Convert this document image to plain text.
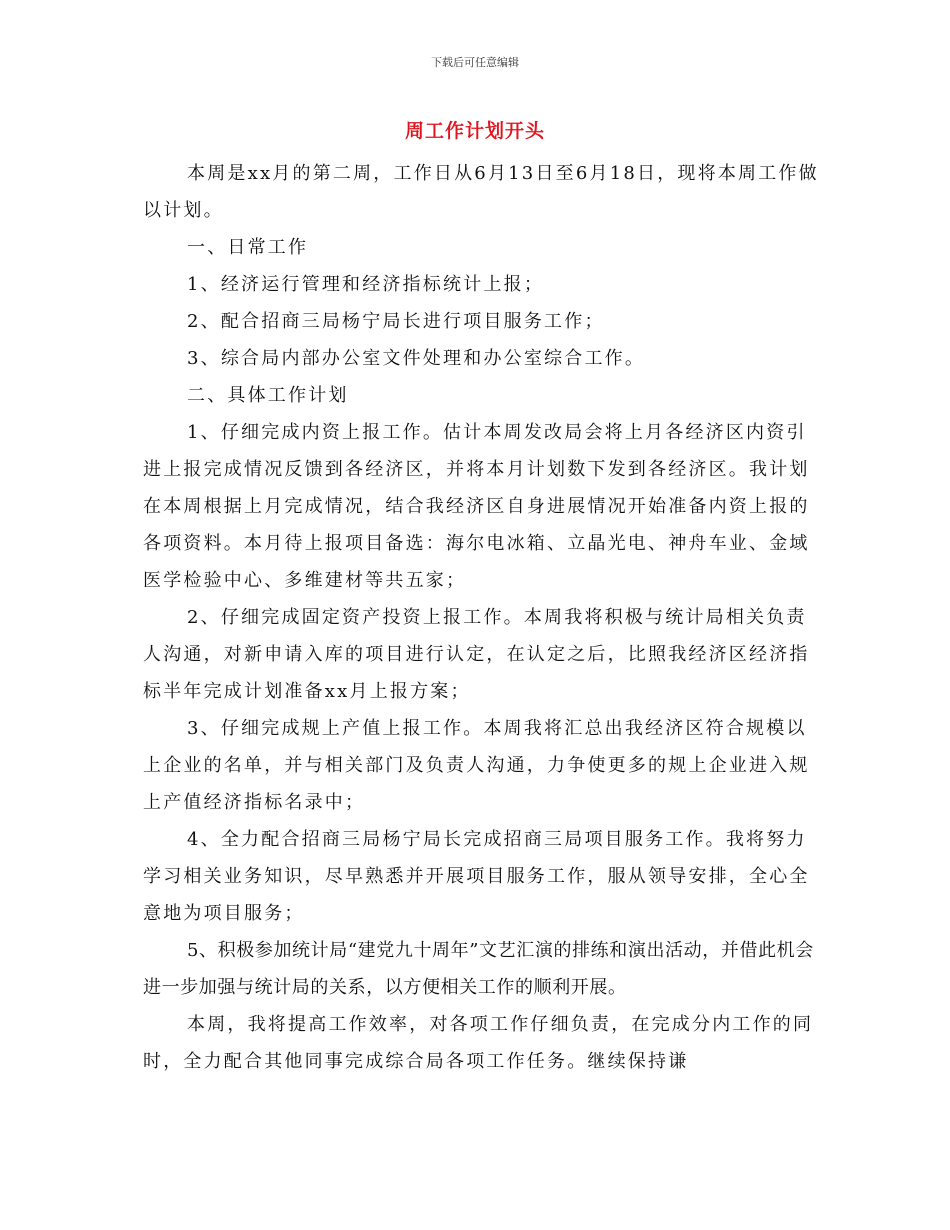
下载后可任意编辑
周工作计划开头

本周是xx月的第二周，工作日从6月13日至6月18日，现将本周工作做以计划。

一、日常工作

1、经济运行管理和经济指标统计上报；

2、配合招商三局杨宁局长进行项目服务工作；

3、综合局内部办公室文件处理和办公室综合工作。

二、具体工作计划

1、仔细完成内资上报工作。估计本周发改局会将上月各经济区内资引进上报完成情况反馈到各经济区，并将本月计划数下发到各经济区。我计划在本周根据上月完成情况，结合我经济区自身进展情况开始准备内资上报的各项资料。本月待上报项目备选：海尔电冰箱、立晶光电、神舟车业、金域医学检验中心、多维建材等共五家；

2、仔细完成固定资产投资上报工作。本周我将积极与统计局相关负责人沟通，对新申请入库的项目进行认定，在认定之后，比照我经济区经济指标半年完成计划准备xx月上报方案；

3、仔细完成规上产值上报工作。本周我将汇总出我经济区符合规模以上企业的名单，并与相关部门及负责人沟通，力争使更多的规上企业进入规上产值经济指标名录中；

4、全力配合招商三局杨宁局长完成招商三局项目服务工作。我将努力学习相关业务知识，尽早熟悉并开展项目服务工作，服从领导安排，全心全意地为项目服务；

5、积极参加统计局“建党九十周年”文艺汇演的排练和演出活动，并借此机会进一步加强与统计局的关系，以方便相关工作的顺利开展。

本周，我将提高工作效率，对各项工作仔细负责，在完成分内工作的同时，全力配合其他同事完成综合局各项工作任务。继续保持谦
